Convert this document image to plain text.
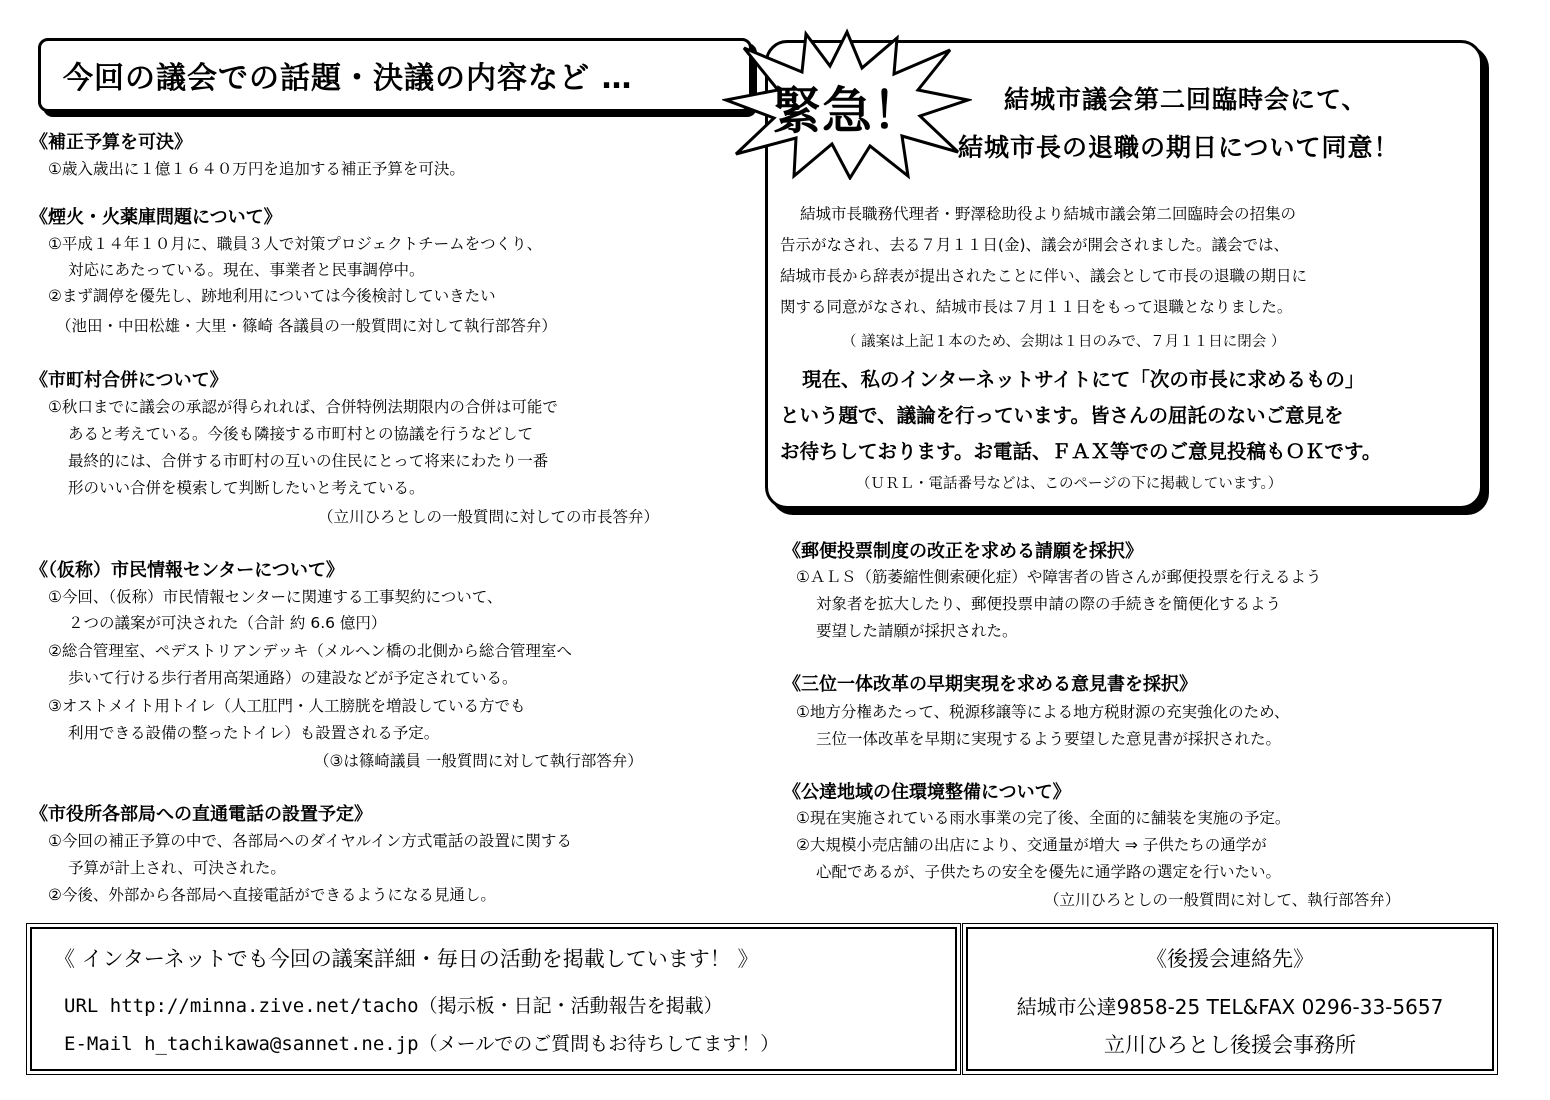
今回の議会での話題・決議の内容など …
緊急！	結城市議会第二回臨時会にて、
結城市長の退職の期日について同意！
結城市長職務代理者・野澤稔助役より結城市議会第二回臨時会の招集の
告示がなされ、去る７月１１日(金)、議会が開会されました。議会では、
結城市長から辞表が提出されたことに伴い、議会として市長の退職の期日に
関する同意がなされ、結城市長は７月１１日をもって退職となりました。
（ 議案は上記１本のため、会期は１日のみで、７月１１日に閉会 ）
現在、私のインターネットサイトにて「次の市長に求めるもの」
という題で、議論を行っています。皆さんの屈託のないご意見を
お待ちしております。お電話、ＦＡＸ等でのご意見投稿もＯＫです。
（ＵＲＬ・電話番号などは、このページの下に掲載しています。）
《補正予算を可決》
①歳入歳出に１億１６４０万円を追加する補正予算を可決。
《煙火・火薬庫問題について》
①平成１４年１０月に、職員３人で対策プロジェクトチームをつくり、
対応にあたっている。現在、事業者と民事調停中。
②まず調停を優先し、跡地利用については今後検討していきたい
（池田・中田松雄・大里・篠崎 各議員の一般質問に対して執行部答弁）
《市町村合併について》
①秋口までに議会の承認が得られれば、合併特例法期限内の合併は可能で
あると考えている。今後も隣接する市町村との協議を行うなどして
最終的には、合併する市町村の互いの住民にとって将来にわたり一番
形のいい合併を模索して判断したいと考えている。
（立川ひろとしの一般質問に対しての市長答弁）
《（仮称）市民情報センターについて》
①今回、（仮称）市民情報センターに関連する工事契約について、
２つの議案が可決された（合計 約 6.6 億円）
②総合管理室、ペデストリアンデッキ（メルヘン橋の北側から総合管理室へ
歩いて行ける歩行者用高架通路）の建設などが予定されている。
③オストメイト用トイレ（人工肛門・人工膀胱を増設している方でも
利用できる設備の整ったトイレ）も設置される予定。
（③は篠崎議員 一般質問に対して執行部答弁）
《市役所各部局への直通電話の設置予定》
①今回の補正予算の中で、各部局へのダイヤルイン方式電話の設置に関する
予算が計上され、可決された。
②今後、外部から各部局へ直接電話ができるようになる見通し。
《郵便投票制度の改正を求める請願を採択》
①ＡＬＳ（筋萎縮性側索硬化症）や障害者の皆さんが郵便投票を行えるよう
対象者を拡大したり、郵便投票申請の際の手続きを簡便化するよう
要望した請願が採択された。
《三位一体改革の早期実現を求める意見書を採択》
①地方分権あたって、税源移譲等による地方税財源の充実強化のため、
三位一体改革を早期に実現するよう要望した意見書が採択された。
《公達地域の住環境整備について》
①現在実施されている雨水事業の完了後、全面的に舗装を実施の予定。
②大規模小売店舗の出店により、交通量が増大 ⇒ 子供たちの通学が
心配であるが、子供たちの安全を優先に通学路の選定を行いたい。
（立川ひろとしの一般質問に対して、執行部答弁）
《 インターネットでも今回の議案詳細・毎日の活動を掲載しています！ 》
URL http://minna.zive.net/tacho（掲示板・日記・活動報告を掲載）
E-Mail h_tachikawa@sannet.ne.jp（メールでのご質問もお待ちしてます！）
《後援会連絡先》
結城市公達9858-25 TEL&FAX 0296-33-5657
立川ひろとし後援会事務所
